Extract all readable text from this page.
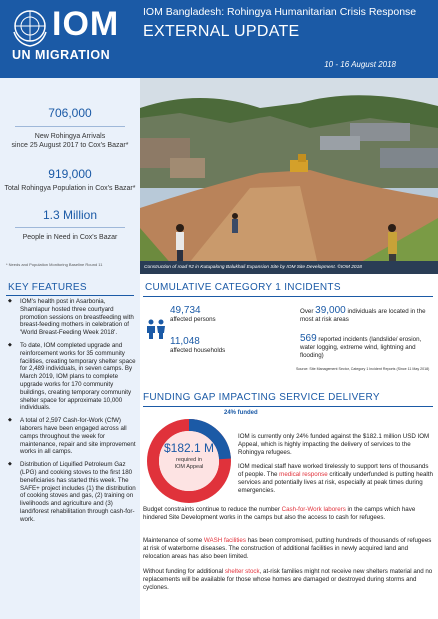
IOM
UN MIGRATION
IOM Bangladesh: Rohingya Humanitarian Crisis Response
EXTERNAL UPDATE
10 - 16 August 2018
706,000
New Rohingya Arrivals
since 25 August 2017 to Cox's Bazar*
919,000
Total Rohingya Population in Cox's Bazar*
1.3 Million
People in Need in Cox's Bazar
* Needs and Population Monitoring Baseline Round 11
Construction of road #2 in Kutupalong Balukhali Expansion Site by IOM Site Development. ©IOM 2018
KEY FEATURES
◆ IOM's health post in Asarbonia, Shamlapur hosted three courtyard promotion sessions on breastfeeding with breast-feeding mothers in celebration of 'World Breast-Feeding Week 2018'.
◆ To date, IOM completed upgrade and reinforcement works for 35 community facilities, creating temporary shelter space for 2,489 individuals, in seven camps. By March 2019, IOM plans to complete upgrade works for 170 community buildings, creating temporary community shelter space for approximate 10,000 individuals.
◆ A total of 2,597 Cash-for-Work (CfW) laborers have been engaged across all camps throughout the week for maintenance, repair and site improvement works in all camps.
◆ Distribution of Liquified Petroleum Gaz (LPG) and cooking stoves to the first 180 beneficiaries has started this week. The SAFE+ project includes (1) the distribution of cooking stoves and gas, (2) training on livelihoods and agriculture and (3) land/forest rehabilitation through cash-for-work.
CUMULATIVE CATEGORY 1 INCIDENTS
49,734
affected persons
11,048
affected households
Over 39,000 individuals are located in the most at risk areas
569 reported incidents (landslide/ erosion, water logging, extreme wind, lightning and flooding)
Source: Site Management Sector, Category 1 Incident Reports (Since 11 May 2018)
FUNDING GAP IMPACTING SERVICE DELIVERY
24% funded
$182.1 M
required in
IOM Appeal
IOM is currently only 24% funded against the $182.1 million USD IOM Appeal, which is highly impacting the delivery of services to the Rohingya refugees.
IOM medical staff have worked tirelessly to support tens of thousands of people. The medical response critically underfunded is putting health services and potentially lives at risk, especially at peak times during emergencies.
Budget constraints continue to reduce the number Cash-for-Work laborers in the camps which have hindered Site Development works in the camps but also the access to cash for refugees.
Maintenance of some WASH facilities has been compromised, putting hundreds of thousands of refugees at risk of waterborne diseases. The construction of additional facilities in newly acquired land and relocation areas has also been limited.
Without funding for additional shelter stock, at-risk families might not receive new shelters material and no replacements will be available for those whose homes are damaged or destroyed during storms and cyclones.
